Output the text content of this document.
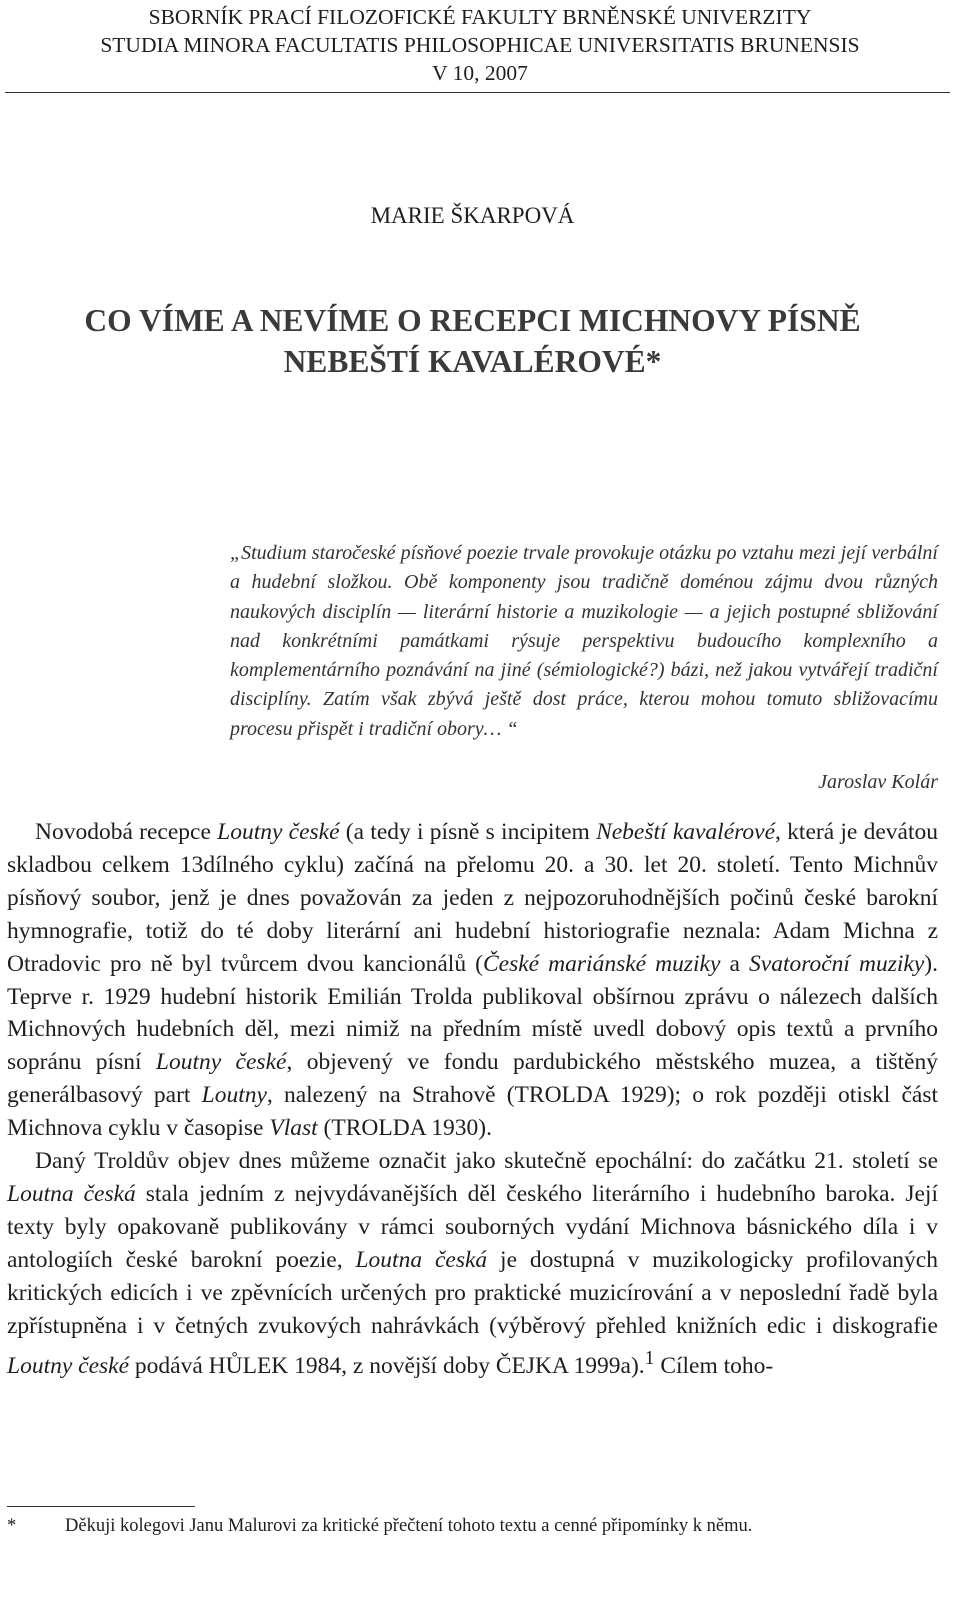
SBORNÍK PRACÍ FILOZOFICKÉ FAKULTY BRNĚNSKÉ UNIVERZITY
STUDIA MINORA FACULTATIS PHILOSOPHICAE UNIVERSITATIS BRUNENSIS
V 10, 2007
MARIE ŠKARPOVÁ
CO VÍME A NEVÍME O RECEPCI MICHNOVY PÍSNĚ
NEBEŠTÍ KAVALÉROVÉ*
„Studium staročeské písňové poezie trvale provokuje otázku po vztahu mezi její verbální a hudební složkou. Obě komponenty jsou tradičně doménou zájmu dvou různých naukových disciplín — literární historie a muzikologie — a jejich postupné sbližování nad konkrétními památkami rýsuje perspektivu budoucího komplexního a komplementárního poznávání na jiné (sémiologické?) bázi, než jakou vytvářejí tradiční disciplíny. Zatím však zbývá ještě dost práce, kterou mohou tomuto sbližovacímu procesu přispět i tradiční obory… “
Jaroslav Kolár

Novodobá recepce Loutny české (a tedy i písně s incipitem Nebeští kavalérové, která je devátou skladbou celkem 13dílného cyklu) začíná na přelomu 20. a 30. let 20. století. Tento Michnův písňový soubor, jenž je dnes považován za jeden z nejpozoruhodnějších počinů české barokní hymnografie, totiž do té doby literární ani hudební historiografie neznala: Adam Michna z Otradovic pro ně byl tvůrcem dvou kancionálů (České mariánské muziky a Svatoroční muziky). Teprve r. 1929 hudební historik Emilián Trolda publikoval obšírnou zprávu o nálezech dalších Michnových hudebních děl, mezi nimiž na předním místě uvedl dobový opis textů a prvního sopránu písní Loutny české, objevený ve fondu pardubického městského muzea, a tištěný generálbasový part Loutny, nalezený na Strahově (TROLDA 1929); o rok později otiskl část Michnova cyklu v časopise Vlast (TROLDA 1930).

Daný Troldův objev dnes můžeme označit jako skutečně epochální: do začátku 21. století se Loutna česká stala jedním z nejvydávanějších děl českého literárního i hudebního baroka. Její texty byly opakovaně publikovány v rámci souborných vydání Michnova básnického díla i v antologiích české barokní poezie, Loutna česká je dostupná v muzikologicky profilovaných kritických edicích i ve zpěvnících určených pro praktické muzicírování a v neposlední řadě byla zpřístupněna i v četných zvukových nahrávkách (výběrový přehled knižních edic i diskografie Loutny české podává HŮLEK 1984, z novější doby ČEJKA 1999a).$^1$ Cílem toho-

*	Děkuji kolegovi Janu Malurovi za kritické přečtení tohoto textu a cenné připomínky k němu.
